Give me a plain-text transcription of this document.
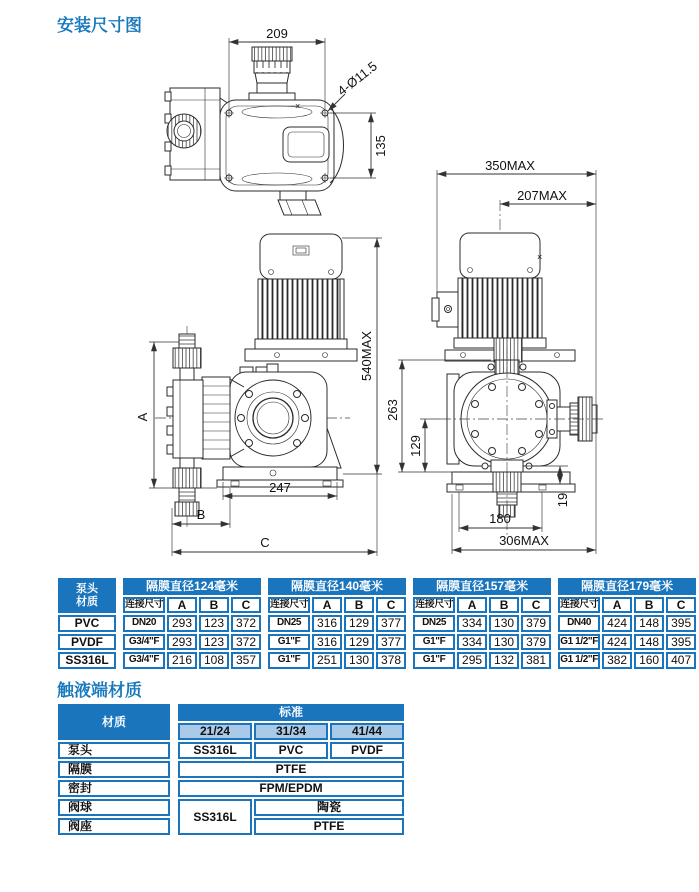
安装尺寸图
×
209
135
4-Ø11.5
A
540MAX
247
B
C
×
350MAX
207MAX
263
129
19
180
306MAX
泵头材质		隔膜直径124毫米					隔膜直径140毫米					隔膜直径157毫米					隔膜直径179毫米			
		连接尺寸	A	B	C		连接尺寸	A	B	C		连接尺寸	A	B	C		连接尺寸	A	B	C
PVC		DN20	293	123	372		DN25	316	129	377		DN25	334	130	379		DN40	424	148	395
PVDF		G3/4"F	293	123	372		G1"F	316	129	377		G1"F	334	130	379		G1 1/2"F	424	148	395
SS316L		G3/4"F	216	108	357		G1"F	251	130	378		G1"F	295	132	381		G1 1/2"F	382	160	407
触液端材质
材质		标准		
		21/24	31/34	41/44
泵头		SS316L	PVC	PVDF
隔膜		PTFE		
密封		FPM/EPDM		
阀球		SS316L	陶瓷	
阀座			PTFE	
